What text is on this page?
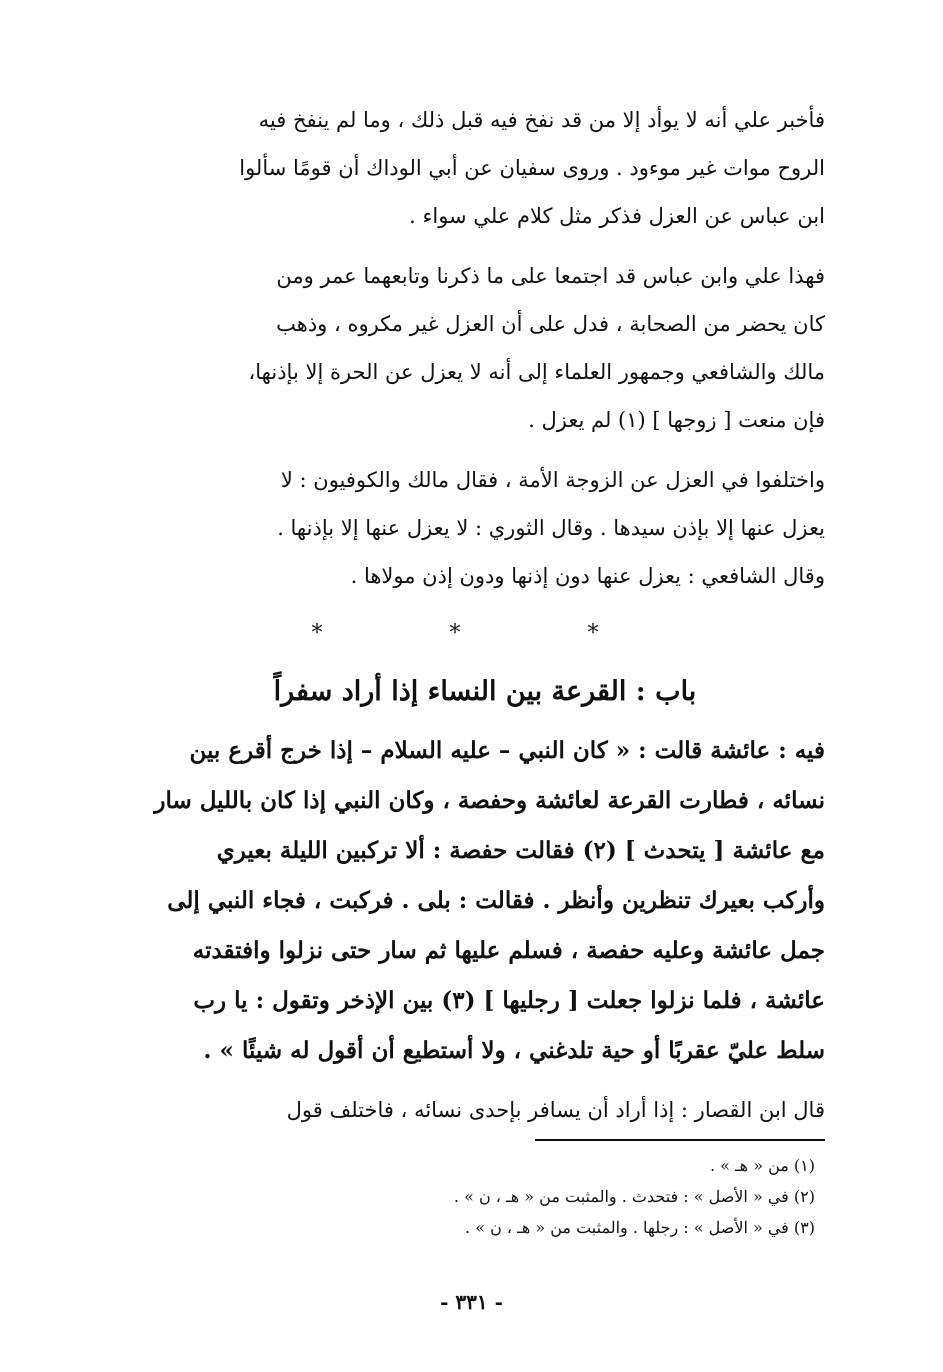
فأخبر علي أنه لا يوأد إلا من قد نفخ فيه قبل ذلك ، وما لم ينفخ فيه

الروح موات غير موءود . وروى سفيان عن أبي الوداك أن قومًا سألوا

ابن عباس عن العزل فذكر مثل كلام علي سواء .

فهذا علي وابن عباس قد اجتمعا على ما ذكرنا وتابعهما عمر ومن

كان يحضر من الصحابة ، فدل على أن العزل غير مكروه ، وذهب

مالك والشافعي وجمهور العلماء إلى أنه لا يعزل عن الحرة إلا بإذنها،

فإن منعت [ زوجها ] (١) لم يعزل .

واختلفوا في العزل عن الزوجة الأمة ، فقال مالك والكوفيون : لا

يعزل عنها إلا بإذن سيدها . وقال الثوري : لا يعزل عنها إلا بإذنها .

وقال الشافعي : يعزل عنها دون إذنها ودون إذن مولاها .

* * *
باب : القرعة بين النساء إذا أراد سفراً

فيه : عائشة قالت : « كان النبي – عليه السلام – إذا خرج أقرع بين

نسائه ، فطارت القرعة لعائشة وحفصة ، وكان النبي إذا كان بالليل سار

مع عائشة [ يتحدث ] (٢) فقالت حفصة : ألا تركبين الليلة بعيري

وأركب بعيرك تنظرين وأنظر . فقالت : بلى . فركبت ، فجاء النبي إلى

جمل عائشة وعليه حفصة ، فسلم عليها ثم سار حتى نزلوا وافتقدته

عائشة ، فلما نزلوا جعلت [ رجليها ] (٣) بين الإذخر وتقول : يا رب

سلط عليّ عقربًا أو حية تلدغني ، ولا أستطيع أن أقول له شيئًا » .

قال ابن القصار : إذا أراد أن يسافر بإحدى نسائه ، فاختلف قول

(١) من « هـ » .
(٢) في « الأصل » : فتحدث . والمثبت من « هـ ، ن » .
(٣) في « الأصل » : رجلها . والمثبت من « هـ ، ن » .
- ٣٣١ -
